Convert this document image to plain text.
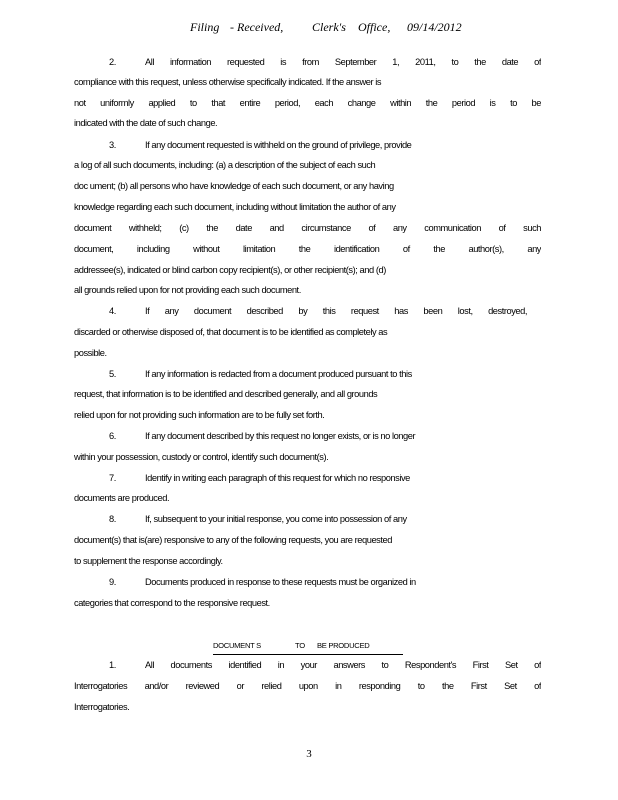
Filing - Received, Clerk's Office, 09/14/2012
2.	All information requested is from September 1, 2011, to the date of
compliance with this request, unless otherwise specifically indicated. If the answer is
not uniformly applied to that entire period, each change within the period is to be
indicated with the date of such change.
3.	If any document requested is withheld on the ground of privilege, provide
a log of all such documents, including: (a) a description of the subject of each such
doc ument; (b) all persons who have knowledge of each such document, or any having
knowledge regarding each such document, including without limitation the author of any
document withheld; (c) the date and circumstance of any communication of such
document, including without limitation the identification of the author(s), any
addressee(s), indicated or blind carbon copy recipient(s), or other recipient(s); and (d)
all grounds relied upon for not providing each such document.
4.	If any document described by this request has been lost, destroyed,
discarded or otherwise disposed of, that document is to be identified as completely as
possible.
5.	If any information is redacted from a document produced pursuant to this
request, that information is to be identified and described generally, and all grounds
relied upon for not providing such information are to be fully set forth.
6.	If any document described by this request no longer exists, or is no longer
within your possession, custody or control, identify such document(s).
7.	Identify in writing each paragraph of this request for which no responsive
documents are produced.
8.	If, subsequent to your initial response, you come into possession of any
document(s) that is(are) responsive to any of the following requests, you are requested
to supplement the response accordingly.
9.	Documents produced in response to these requests must be organized in
categories that correspond to the responsive request.
DOCUMENT S	TO BE PRODUCED
1.	All documents identified in your answers to Respondent's First Set of
Interrogatories and/or reviewed or relied upon in responding to the First Set of
Interrogatories.
3
